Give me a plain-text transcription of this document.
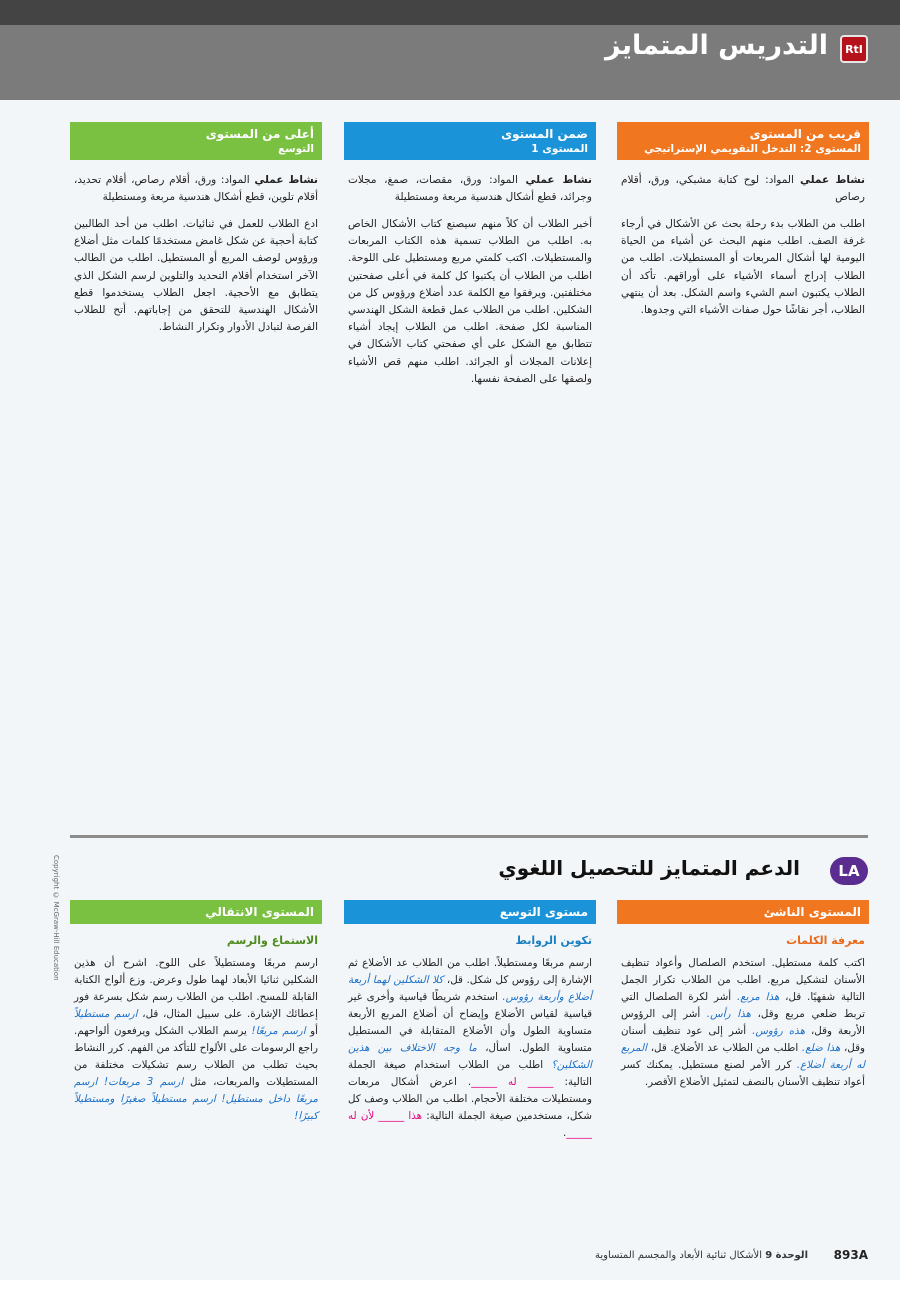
RtI
التدريس المتمايز
قريب من المستوى
المستوى 2: التدخل التقويمي الإستراتيجي
نشاط عملي المواد: لوح كتابة مشبكي، ورق، أقلام رصاص
اطلب من الطلاب بدء رحلة بحث عن الأشكال في أرجاء غرفة الصف. اطلب منهم البحث عن أشياء من الحياة اليومية لها أشكال المربعات أو المستطيلات. اطلب من الطلاب إدراج أسماء الأشياء على أوراقهم. تأكد أن الطلاب يكتبون اسم الشيء واسم الشكل. بعد أن ينتهي الطلاب، أجر نقاشًا حول صفات الأشياء التي وجدوها.
ضمن المستوى
المستوى 1
نشاط عملي المواد: ورق، مقصات، صمغ، مجلات وجرائد، قطع أشكال هندسية مربعة ومستطيلة
أخبر الطلاب أن كلاً منهم سيصنع كتاب الأشكال الخاص به. اطلب من الطلاب تسمية هذه الكتاب المربعات والمستطيلات. اكتب كلمتي مربع ومستطيل على اللوحة. اطلب من الطلاب أن يكتبوا كل كلمة في أعلى صفحتين مختلفتين. ويرفقوا مع الكلمة عدد أضلاع ورؤوس كل من الشكلين. اطلب من الطلاب عمل قطعة الشكل الهندسي المناسبة لكل صفحة. اطلب من الطلاب إيجاد أشياء تتطابق مع الشكل على أي صفحتي كتاب الأشكال في إعلانات المجلات أو الجرائد. اطلب منهم قص الأشياء ولصقها على الصفحة نفسها.
أعلى من المستوى
التوسع
نشاط عملي المواد: ورق، أقلام رصاص، أقلام تحديد، أقلام تلوين، قطع أشكال هندسية مربعة ومستطيلة
ادع الطلاب للعمل في ثنائيات. اطلب من أحد الطالبين كتابة أحجية عن شكل غامض مستخدمًا كلمات مثل أضلاع ورؤوس لوصف المربع أو المستطيل. اطلب من الطالب الآخر استخدام أقلام التحديد والتلوين لرسم الشكل الذي يتطابق مع الأحجية. اجعل الطلاب يستخدموا قطع الأشكال الهندسية للتحقق من إجاباتهم. أتح للطلاب الفرصة لتبادل الأدوار وتكرار النشاط.
LA
الدعم المتمايز للتحصيل اللغوي
Copyright © McGraw-Hill Education	المستوى الناشئ
معرفة الكلمات
اكتب كلمة مستطيل. استخدم الصلصال وأعواد تنظيف الأسنان لتشكيل مربع. اطلب من الطلاب تكرار الجمل التالية شفهيًا. قل، هذا مربع. أشر لكرة الصلصال التي تربط ضلعي مربع وقل، هذا رأس. أشر إلى الرؤوس الأربعة وقل، هذه رؤوس. أشر إلى عود تنظيف أسنان وقل، هذا ضلع. اطلب من الطلاب عد الأضلاع. قل، المربع له أربعة أضلاع. كرر الأمر لصنع مستطيل. يمكنك كسر أعواد تنظيف الأسنان بالنصف لتمثيل الأضلاع الأقصر.
مستوى التوسع
تكوين الروابط
ارسم مربعًا ومستطيلاً. اطلب من الطلاب عد الأضلاع ثم الإشارة إلى رؤوس كل شكل. قل، كلا الشكلين لهما أربعة أضلاع وأربعة رؤوس. استخدم شريطًا قياسية وأخرى غير قياسية لقياس الأضلاع وإيضاح أن أضلاع المربع الأربعة متساوية الطول وأن الأضلاع المتقابلة في المستطيل متساوية الطول. اسأل، ما وجه الاختلاف بين هذين الشكلين؟ اطلب من الطلاب استخدام صيغة الجملة التالية: _____ له _____. اعرض أشكال مربعات ومستطيلات مختلفة الأحجام. اطلب من الطلاب وصف كل شكل، مستخدمين صيغة الجملة التالية: هذا _____ لأن له _____.
المستوى الانتقالي
الاستماع والرسم
ارسم مربعًا ومستطيلاً على اللوح. اشرح أن هذين الشكلين ثنائيا الأبعاد لهما طول وعرض. وزع ألواح الكتابة القابلة للمسح. اطلب من الطلاب رسم شكل بسرعة فور إعطائك الإشارة. على سبيل المثال، قل، ارسم مستطيلاً أو ارسم مربعًا! يرسم الطلاب الشكل ويرفعون ألواحهم. راجع الرسومات على الألواح للتأكد من الفهم. كرر النشاط بحيث تطلب من الطلاب رسم تشكيلات مختلفة من المستطيلات والمربعات، مثل ارسم 3 مربعات! ارسم مربعًا داخل مستطيل! ارسم مستطيلاً صغيرًا ومستطيلاً كبيرًا!
893A
الوحدة 9 الأشكال ثنائية الأبعاد والمجسم المتساوية
